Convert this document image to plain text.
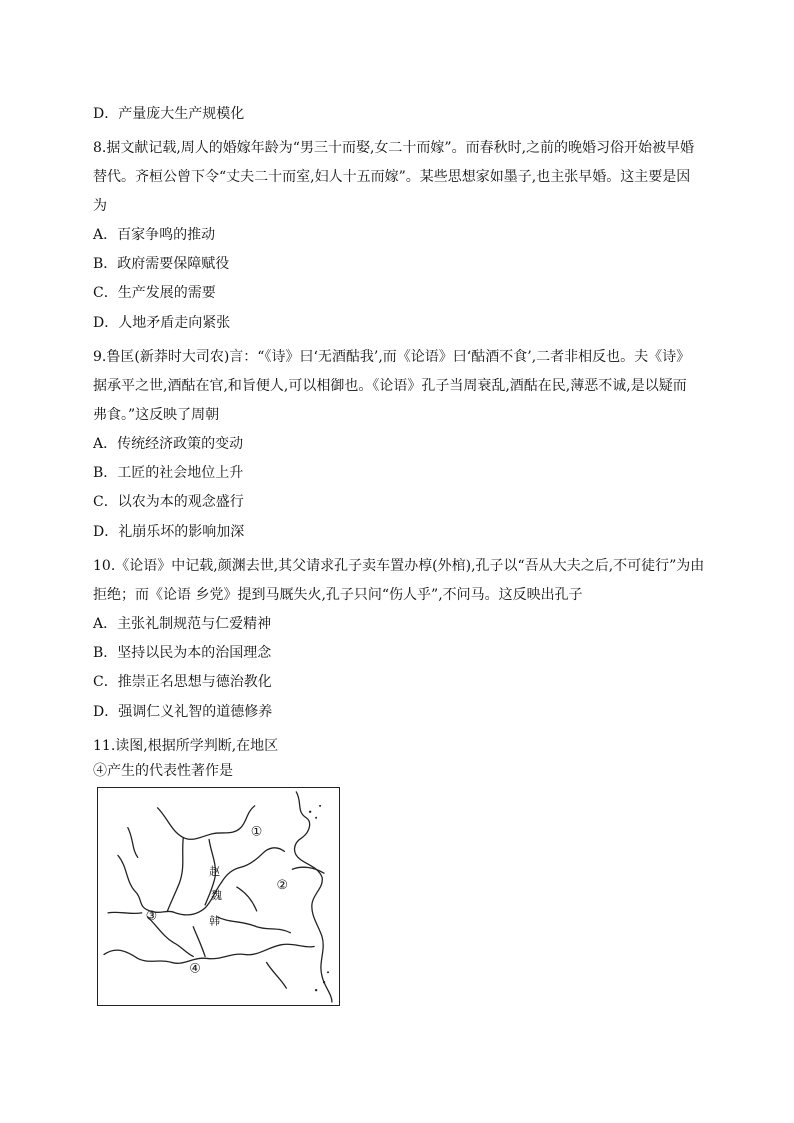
D．产量庞大生产规模化
8.据文献记载,周人的婚嫁年龄为“男三十而娶,女二十而嫁”。而春秋时,之前的晚婚习俗开始被早婚
替代。齐桓公曾下令“丈夫二十而室,妇人十五而嫁”。某些思想家如墨子,也主张早婚。这主要是因
为
A．百家争鸣的推动
B．政府需要保障赋役
C．生产发展的需要
D．人地矛盾走向紧张
9.鲁匡(新莽时大司农)言：“《诗》曰‘无酒酤我’,而《论语》曰‘酤酒不食’,二者非相反也。夫《诗》
据承平之世,酒酤在官,和旨便人,可以相御也。《论语》孔子当周衰乱,酒酤在民,薄恶不诚,是以疑而
弗食。”这反映了周朝
A．传统经济政策的变动
B．工匠的社会地位上升
C．以农为本的观念盛行
D．礼崩乐坏的影响加深
10.《论语》中记载,颜渊去世,其父请求孔子卖车置办椁(外棺),孔子以“吾从大夫之后,不可徒行”为由
拒绝；而《论语 乡党》提到马厩失火,孔子只问“伤人乎”,不问马。这反映出孔子
A．主张礼制规范与仁爱精神
B．坚持以民为本的治国理念
C．推崇正名思想与德治教化
D．强调仁义礼智的道德修养
11.读图,根据所学判断,在地区
④产生的代表性著作是
①
②
③
④
赵
魏
韩
